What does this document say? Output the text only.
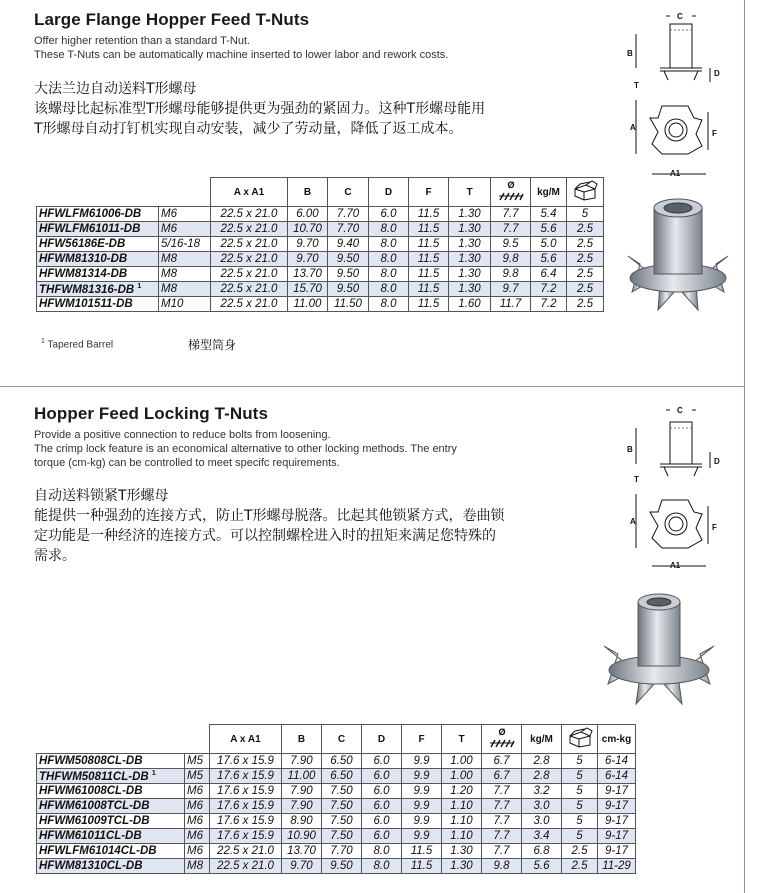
Large Flange Hopper Feed T-Nuts
Offer higher retention than a standard T-Nut.
These T-Nuts can be automatically machine inserted to lower labor and rework costs.
大法兰边自动送料T形螺母
该螺母比起标准型T形螺母能够提供更为强劲的紧固力。这种T形螺母能用
T形螺母自动打钉机实现自动安装，减少了劳动量，降低了返工成本。
		A x A1	B	C	D	F	T	Ø	kg/M	
HFWLFM61006-DB	M6	22.5 x 21.0	6.00	7.70	6.0	11.5	1.30	7.7	5.4	5
HFWLFM61011-DB	M6	22.5 x 21.0	10.70	7.70	8.0	11.5	1.30	7.7	5.6	2.5
HFW56186E-DB	5/16-18	22.5 x 21.0	9.70	9.40	8.0	11.5	1.30	9.5	5.0	2.5
HFWM81310-DB	M8	22.5 x 21.0	9.70	9.50	8.0	11.5	1.30	9.8	5.6	2.5
HFWM81314-DB	M8	22.5 x 21.0	13.70	9.50	8.0	11.5	1.30	9.8	6.4	2.5
THFWM81316-DB $^1$	M8	22.5 x 21.0	15.70	9.50	8.0	11.5	1.30	9.7	7.2	2.5
HFWM101511-DB	M10	22.5 x 21.0	11.00	11.50	8.0	11.5	1.60	11.7	7.2	2.5
$^1$ Tapered Barrel	梯型筒身
C
B
D
T
A
F
A1
Hopper Feed Locking T-Nuts
Provide a positive connection to reduce bolts from loosening.
The crimp lock feature is an economical alternative to other locking methods. The entry
torque (cm-kg) can be controlled to meet specifc requirements.
自动送料锁紧T形螺母
能提供一种强劲的连接方式，防止T形螺母脱落。比起其他锁紧方式，卷曲锁
定功能是一种经济的连接方式。可以控制螺栓进入时的扭矩来满足您特殊的
需求。
		A x A1	B	C	D	F	T	Ø	kg/M		cm-kg
HFWM50808CL-DB	M5	17.6 x 15.9	7.90	6.50	6.0	9.9	1.00	6.7	2.8	5	6-14
THFWM50811CL-DB $^1$	M5	17.6 x 15.9	11.00	6.50	6.0	9.9	1.00	6.7	2.8	5	6-14
HFWM61008CL-DB	M6	17.6 x 15.9	7.90	7.50	6.0	9.9	1.20	7.7	3.2	5	9-17
HFWM61008TCL-DB	M6	17.6 x 15.9	7.90	7.50	6.0	9.9	1.10	7.7	3.0	5	9-17
HFWM61009TCL-DB	M6	17.6 x 15.9	8.90	7.50	6.0	9.9	1.10	7.7	3.0	5	9-17
HFWM61011CL-DB	M6	17.6 x 15.9	10.90	7.50	6.0	9.9	1.10	7.7	3.4	5	9-17
HFWLFM61014CL-DB	M6	22.5 x 21.0	13.70	7.70	8.0	11.5	1.30	7.7	6.8	2.5	9-17
HFWM81310CL-DB	M8	22.5 x 21.0	9.70	9.50	8.0	11.5	1.30	9.8	5.6	2.5	11-29
C
B
D
T
A
F
A1
